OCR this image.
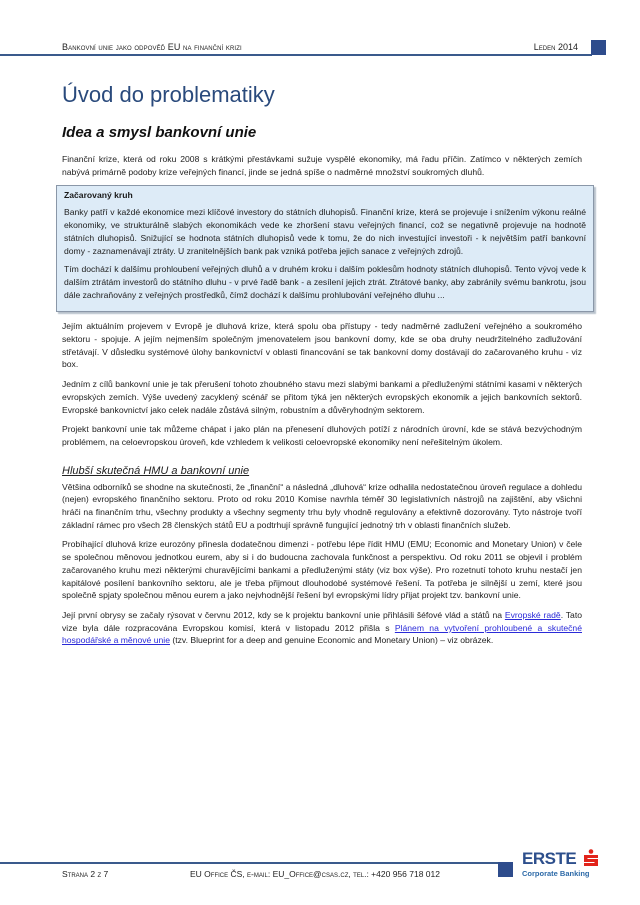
Bankovní unie jako odpověď EU na finanční krizi	Leden 2014
Úvod do problematiky
Idea a smysl bankovní unie

Finanční krize, která od roku 2008 s krátkými přestávkami sužuje vyspělé ekonomiky, má řadu příčin. Zatímco v některých zemích nabývá primárně podoby krize veřejných financí, jinde se jedná spíše o nadměrné množství soukromých dluhů.

Začarovaný kruh

Banky patří v každé ekonomice mezi klíčové investory do státních dluhopisů. Finanční krize, která se projevuje i snížením výkonu reálné ekonomiky, ve strukturálně slabých ekonomikách vede ke zhoršení stavu veřejných financí, což se negativně projevuje na hodnotě státních dluhopisů. Snižující se hodnota státních dluhopisů vede k tomu, že do nich investující investoři - k největším patří bankovní domy - zaznamenávají ztráty. U zranitelnějších bank pak vzniká potřeba jejich sanace z veřejných zdrojů.

Tím dochází k dalšímu prohloubení veřejných dluhů a v druhém kroku i dalším poklesům hodnoty státních dluhopisů. Tento vývoj vede k dalším ztrátám investorů do státního dluhu - v prvé řadě bank - a zesílení jejich ztrát. Ztrátové banky, aby zabránily svému bankrotu, jsou dále zachraňovány z veřejných prostředků, čímž dochází k dalšímu prohlubování veřejného dluhu ...

Jejím aktuálním projevem v Evropě je dluhová krize, která spolu oba přístupy - tedy nadměrné zadlužení veřejného a soukromého sektoru - spojuje. A jejím nejmenším společným jmenovatelem jsou bankovní domy, kde se oba druhy neudržitelného zadlužování střetávají. V důsledku systémové úlohy bankovnictví v oblasti financování se tak bankovní domy dostávají do začarovaného kruhu - viz box.

Jedním z cílů bankovní unie je tak přerušení tohoto zhoubného stavu mezi slabými bankami a předluženými státními kasami v některých evropských zemích. Výše uvedený zacyklený scénář se přitom týká jen některých evropských ekonomik a jejich bankovních sektorů. Evropské bankovnictví jako celek nadále zůstává silným, robustním a důvěryhodným sektorem.

Projekt bankovní unie tak můžeme chápat i jako plán na přenesení dluhových potíží z národních úrovní, kde se stává bezvýchodným problémem, na celoevropskou úroveň, kde vzhledem k velikosti celoevropské ekonomiky není neřešitelným úkolem.

Hlubší skutečná HMU a bankovní unie

Většina odborníků se shodne na skutečnosti, že „finanční“ a následná „dluhová“ krize odhalila nedostatečnou úroveň regulace a dohledu (nejen) evropského finančního sektoru. Proto od roku 2010 Komise navrhla téměř 30 legislativních nástrojů na zajištění, aby všichni hráči na finančním trhu, všechny produkty a všechny segmenty trhu byly vhodně regulovány a efektivně dozorovány. Tyto nástroje tvoří základní rámec pro všech 28 členských států EU a podtrhují správně fungující jednotný trh v oblasti finančních služeb.

Probíhající dluhová krize eurozóny přinesla dodatečnou dimenzi - potřebu lépe řídit HMU (EMU; Economic and Monetary Union) v čele se společnou měnovou jednotkou eurem, aby si i do budoucna zachovala funkčnost a perspektivu. Od roku 2011 se objevil i problém začarovaného kruhu mezi některými churavějícími bankami a předluženými státy (viz box výše). Pro rozetnutí tohoto kruhu nestačí jen kapitálové posílení bankovního sektoru, ale je třeba přijmout dlouhodobé systémové řešení. Ta potřeba je silnější u zemí, které jsou společně spjaty společnou měnou eurem a jako nejvhodnější řešení byl evropskými lídry přijat projekt tzv. bankovní unie.

Její první obrysy se začaly rýsovat v červnu 2012, kdy se k projektu bankovní unie přihlásili šéfové vlád a států na Evropské radě. Tato vize byla dále rozpracována Evropskou komisí, která v listopadu 2012 přišla s Plánem na vytvoření prohloubené a skutečné hospodářské a měnové unie (tzv. Blueprint for a deep and genuine Economic and Monetary Union) – viz obrázek.

Strana 2 z 7	EU Office ČS, e-mail: EU_Office@csas.cz, tel.: +420 956 718 012
ERSTE
Corporate Banking
